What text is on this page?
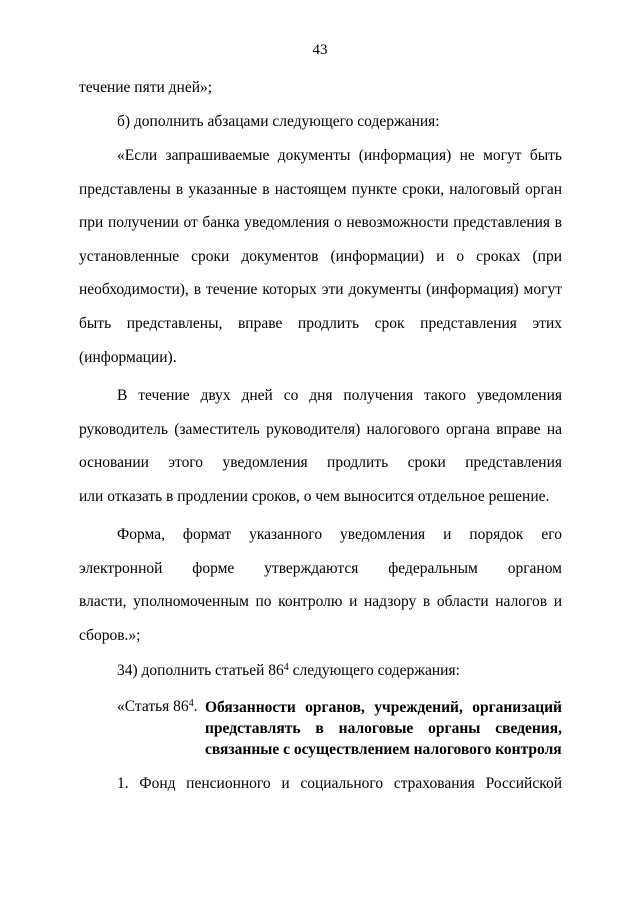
43
течение пяти дней»;
б) дополнить абзацами следующего содержания:
«Если запрашиваемые документы (информация) не могут быть
представлены в указанные в настоящем пункте сроки, налоговый орган
при получении от банка уведомления о невозможности представления в
установленные сроки документов (информации) и о сроках (при
необходимости), в течение которых эти документы (информация) могут
быть представлены, вправе продлить срок представления этих
(информации).
В течение двух дней со дня получения такого уведомления
руководитель (заместитель руководителя) налогового органа вправе на
основании этого уведомления продлить сроки представления
или отказать в продлении сроков, о чем выносится отдельное решение.
Форма, формат указанного уведомления и порядок его
электронной форме утверждаются федеральным органом
власти, уполномоченным по контролю и надзору в области налогов и
сборов.»;
34) дополнить статьей $86^4$ следующего содержания:
«Статья $86^4$. Обязанности органов, учреждений, организаций
представлять в налоговые органы сведения,
связанные с осуществлением налогового контроля
1. Фонд пенсионного и социального страхования Российской
